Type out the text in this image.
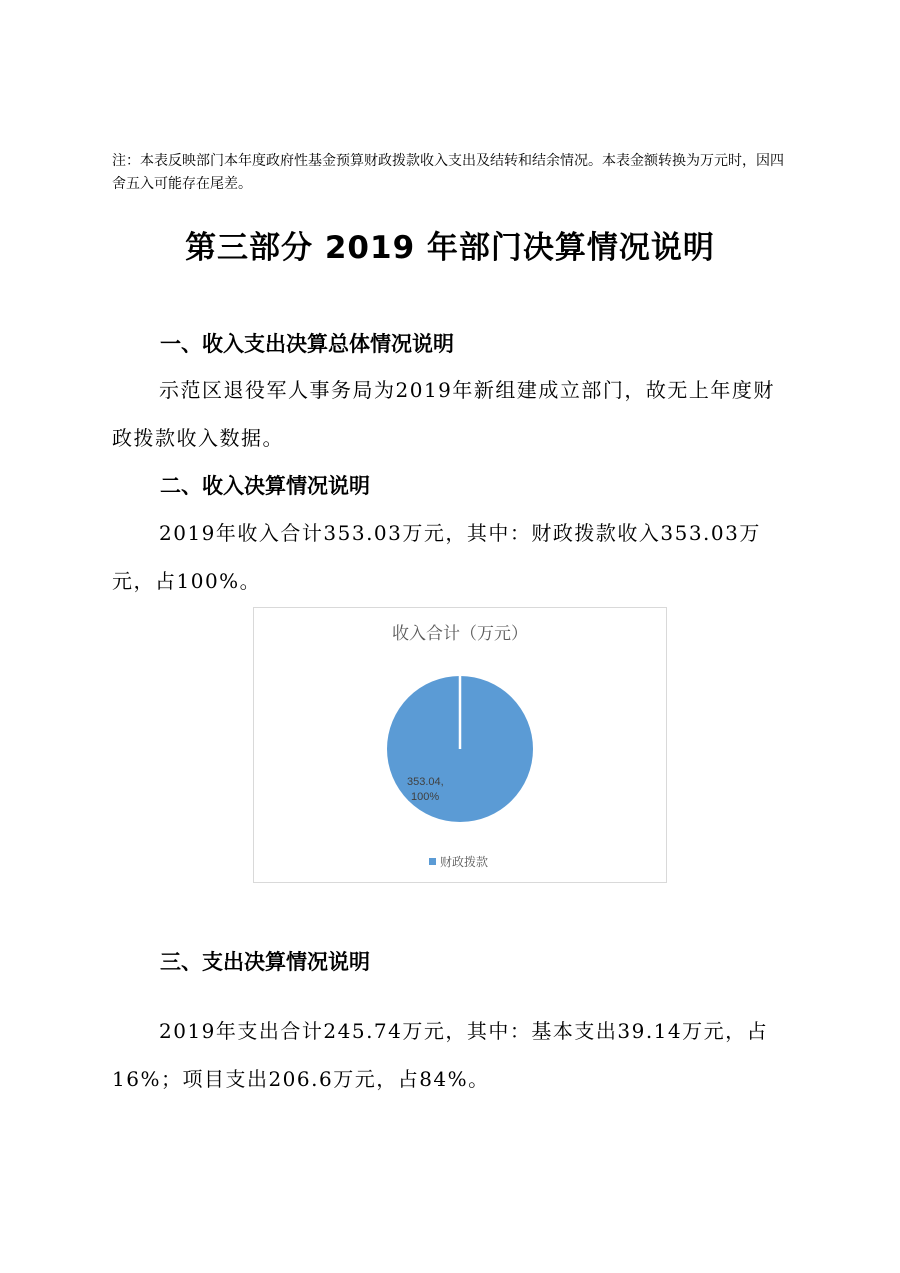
注：本表反映部门本年度政府性基金预算财政拨款收入支出及结转和结余情况。本表金额转换为万元时，因四舍五入可能存在尾差。

第三部分 2019 年部门决算情况说明
一、收入支出决算总体情况说明

示范区退役军人事务局为2019年新组建成立部门，故无上年度财政拨款收入数据。

二、收入决算情况说明

2019年收入合计353.03万元，其中：财政拨款收入353.03万元，占100%。

收入合计（万元）
353.04,
100%
财政拨款
三、支出决算情况说明

2019年支出合计245.74万元，其中：基本支出39.14万元，占16%；项目支出206.6万元，占84%。
